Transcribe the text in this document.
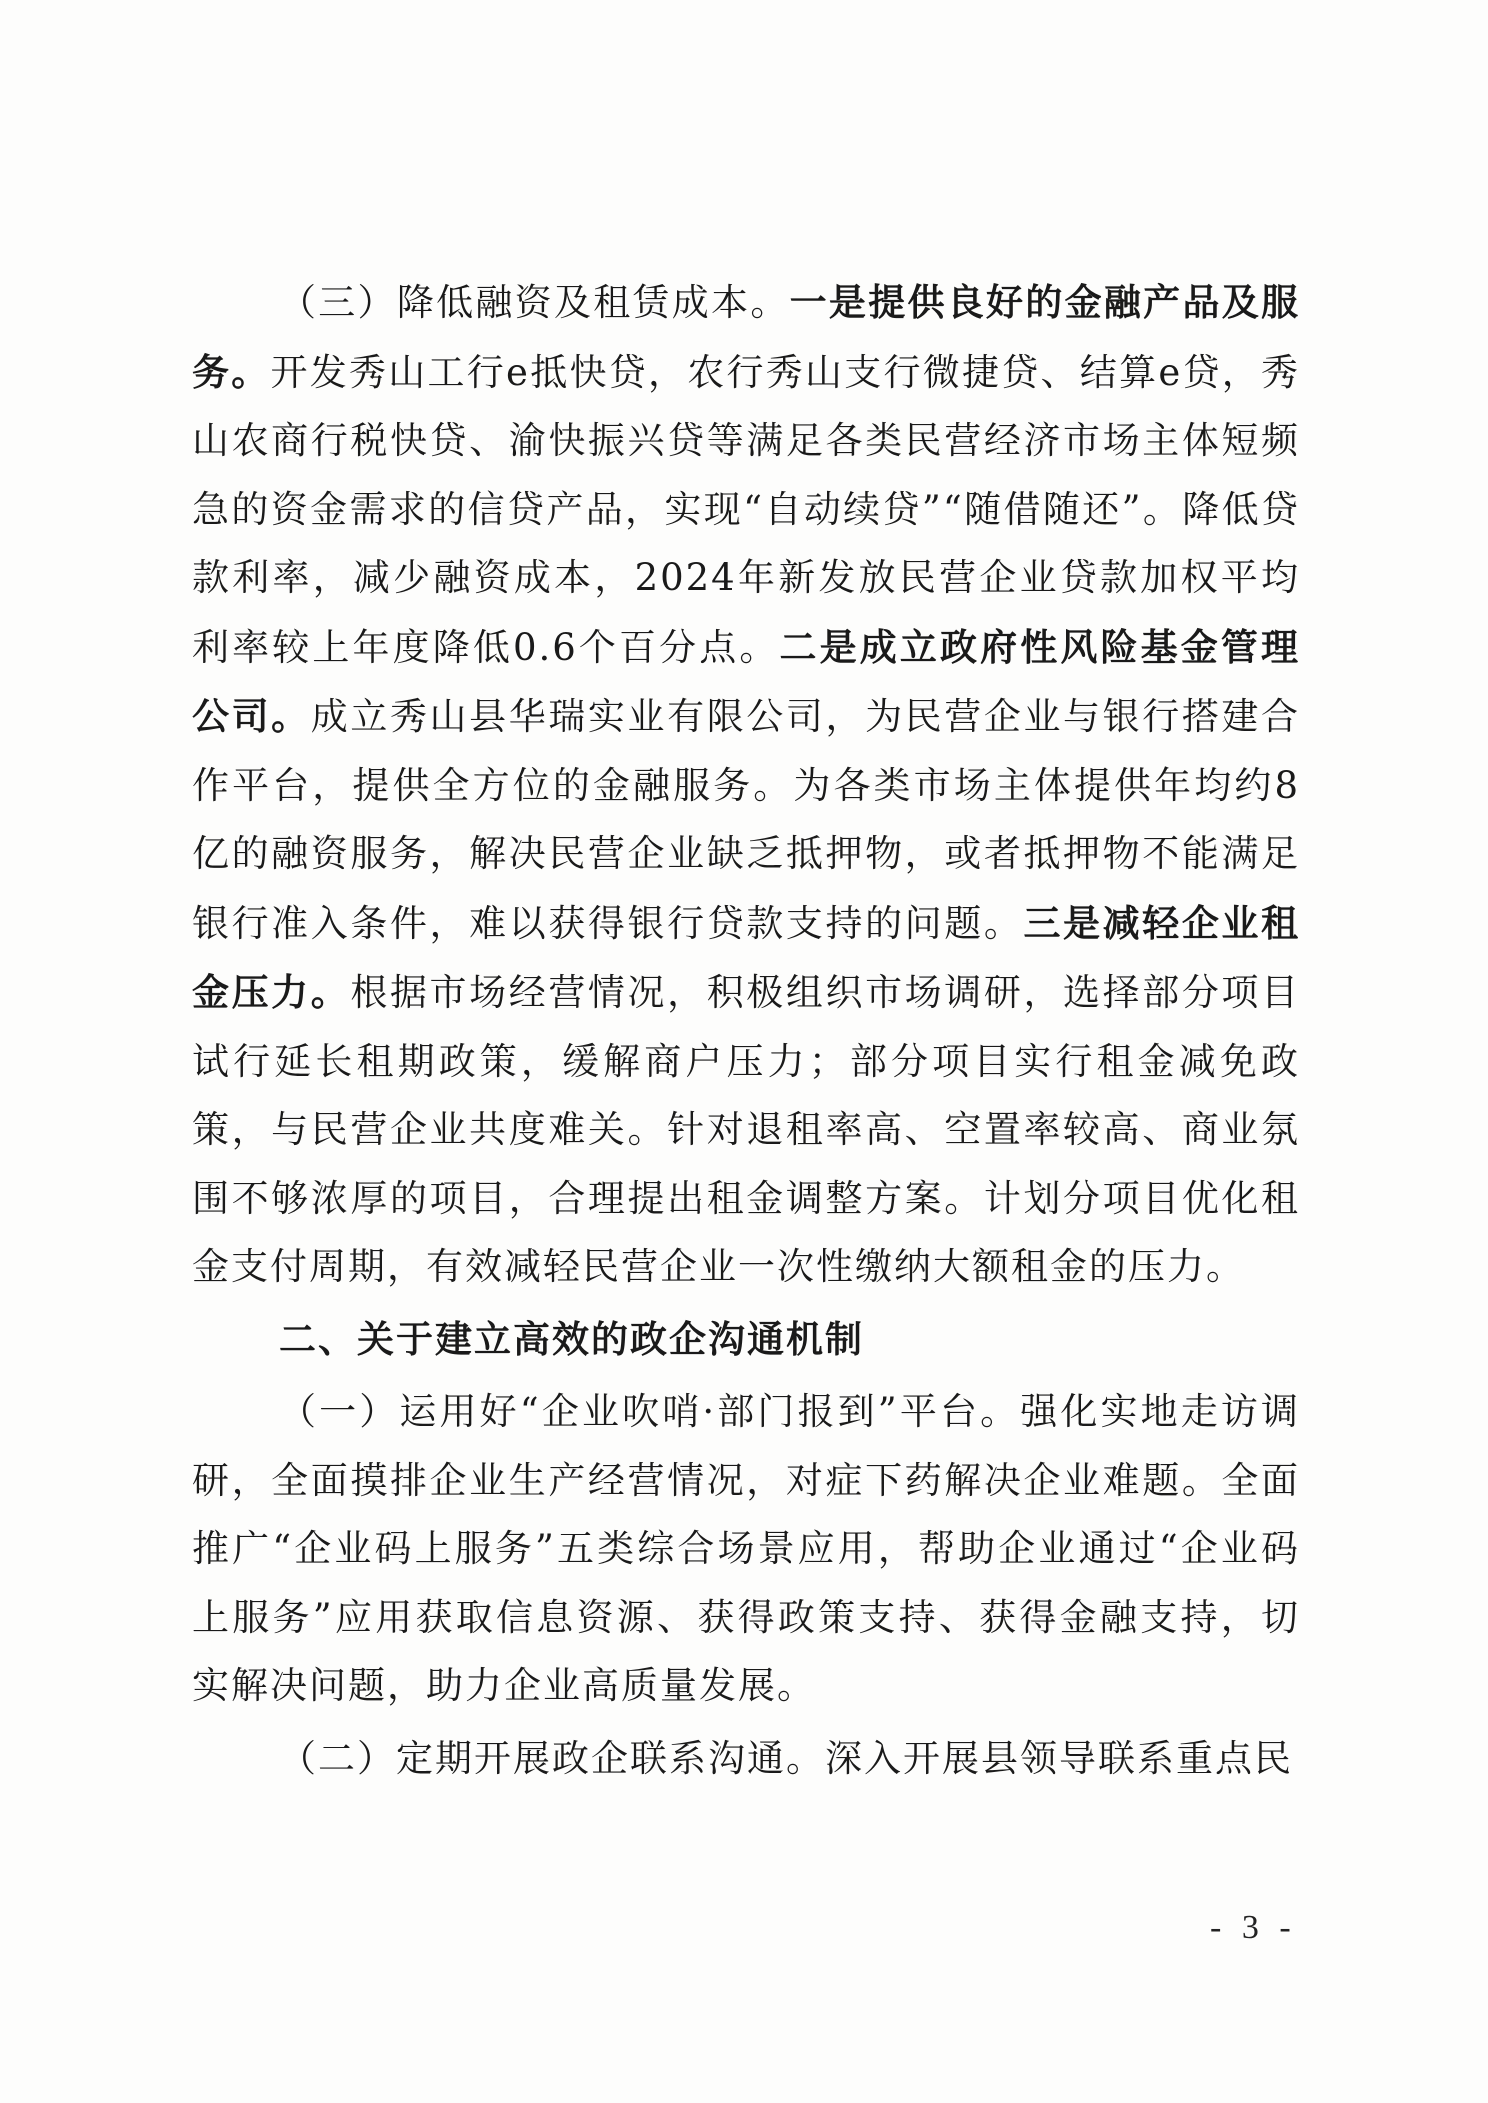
（三）降低融资及租赁成本。一是提供良好的金融产品及服务。开发秀山工行e抵快贷，农行秀山支行微捷贷、结算e贷，秀山农商行税快贷、渝快振兴贷等满足各类民营经济市场主体短频急的资金需求的信贷产品，实现“自动续贷”“随借随还”。降低贷款利率，减少融资成本，2024年新发放民营企业贷款加权平均利率较上年度降低0.6个百分点。二是成立政府性风险基金管理公司。成立秀山县华瑞实业有限公司，为民营企业与银行搭建合作平台，提供全方位的金融服务。为各类市场主体提供年均约8亿的融资服务，解决民营企业缺乏抵押物，或者抵押物不能满足银行准入条件，难以获得银行贷款支持的问题。三是减轻企业租金压力。根据市场经营情况，积极组织市场调研，选择部分项目试行延长租期政策，缓解商户压力；部分项目实行租金减免政策，与民营企业共度难关。针对退租率高、空置率较高、商业氛围不够浓厚的项目，合理提出租金调整方案。计划分项目优化租金支付周期，有效减轻民营企业一次性缴纳大额租金的压力。

二、关于建立高效的政企沟通机制

（一）运用好“企业吹哨·部门报到”平台。强化实地走访调研，全面摸排企业生产经营情况，对症下药解决企业难题。全面推广“企业码上服务”五类综合场景应用，帮助企业通过“企业码上服务”应用获取信息资源、获得政策支持、获得金融支持，切实解决问题，助力企业高质量发展。

（二）定期开展政企联系沟通。深入开展县领导联系重点民

- 3 -
